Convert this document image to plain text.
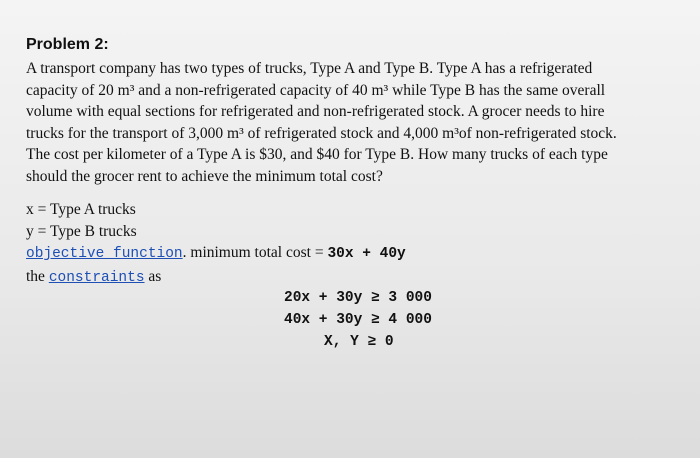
Problem 2:
A transport company has two types of trucks, Type A and Type B. Type A has a refrigerated
capacity of 20 m³ and a non-refrigerated capacity of 40 m³ while Type B has the same overall
volume with equal sections for refrigerated and non-refrigerated stock. A grocer needs to hire
trucks for the transport of 3,000 m³ of refrigerated stock and 4,000 m³of non-refrigerated stock.
The cost per kilometer of a Type A is $30, and $40 for Type B. How many trucks of each type
should the grocer rent to achieve the minimum total cost?
x = Type A trucks
y = Type B trucks
objective function. minimum total cost = 30x + 40y
the constraints as
20x + 30y ≥ 3 000
40x + 30y ≥ 4 000
X, Y ≥ 0
